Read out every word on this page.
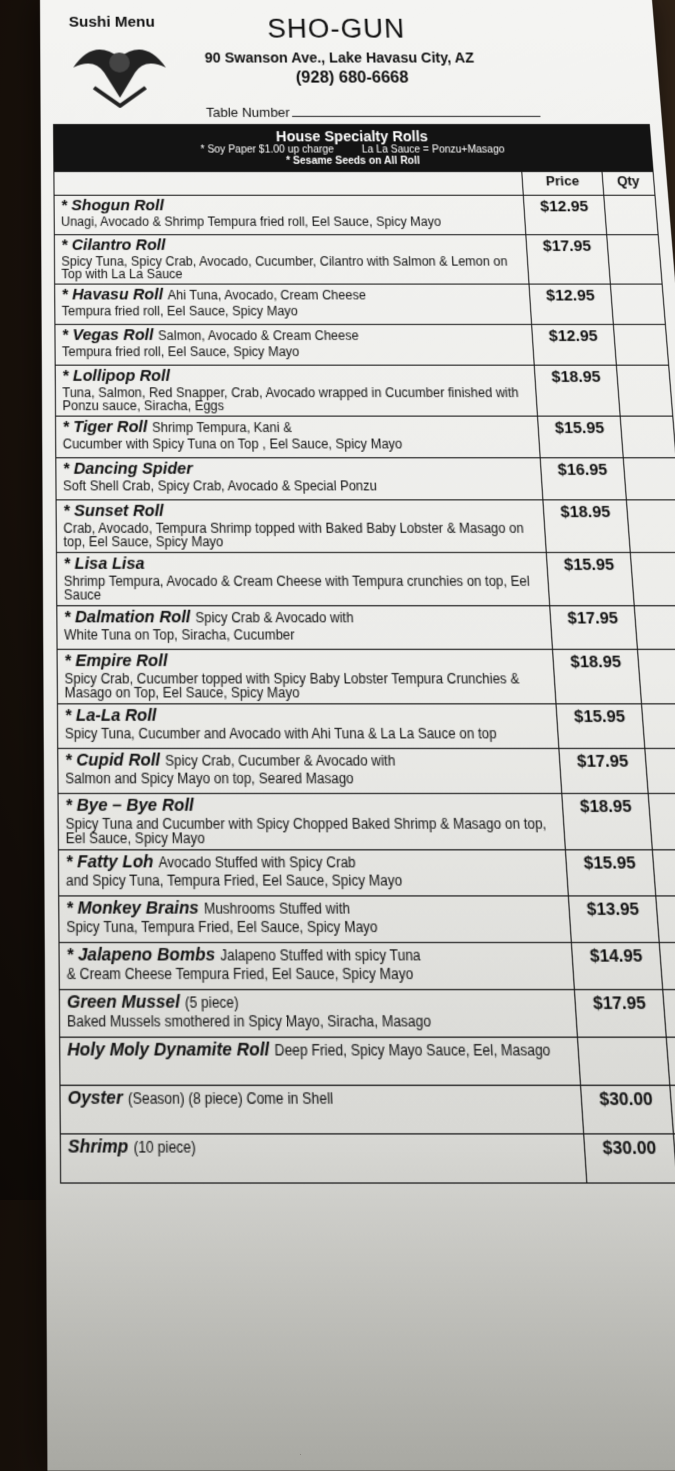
Sushi Menu	SHO-GUN
90 Swanson Ave., Lake Havasu City, AZ
(928) 680-6668
Table Number
House Specialty Rolls
* Soy Paper $1.00 up charge	La La Sauce = Ponzu+Masago
* Sesame Seeds on All Roll
	Price	Qty
* Shogun Roll
Unagi, Avocado & Shrimp Tempura fried roll, Eel Sauce, Spicy Mayo	$12.95	
* Cilantro Roll
Spicy Tuna, Spicy Crab, Avocado, Cucumber, Cilantro with Salmon & Lemon on Top with La La Sauce	$17.95	
* Havasu Roll Ahi Tuna, Avocado, Cream Cheese
Tempura fried roll, Eel Sauce, Spicy Mayo	$12.95	
* Vegas Roll Salmon, Avocado & Cream Cheese
Tempura fried roll, Eel Sauce, Spicy Mayo	$12.95	
* Lollipop Roll
Tuna, Salmon, Red Snapper, Crab, Avocado wrapped in Cucumber finished with Ponzu sauce, Siracha, Eggs	$18.95	
* Tiger Roll Shrimp Tempura, Kani &
Cucumber with Spicy Tuna on Top , Eel Sauce, Spicy Mayo	$15.95	
* Dancing Spider
Soft Shell Crab, Spicy Crab, Avocado & Special Ponzu	$16.95	
* Sunset Roll
Crab, Avocado, Tempura Shrimp topped with Baked Baby Lobster & Masago on top, Eel Sauce, Spicy Mayo	$18.95	
* Lisa Lisa
Shrimp Tempura, Avocado & Cream Cheese with Tempura crunchies on top, Eel Sauce	$15.95	
* Dalmation Roll Spicy Crab & Avocado with
White Tuna on Top, Siracha, Cucumber	$17.95	
* Empire Roll
Spicy Crab, Cucumber topped with Spicy Baby Lobster Tempura Crunchies & Masago on Top, Eel Sauce, Spicy Mayo	$18.95	
* La-La Roll
Spicy Tuna, Cucumber and Avocado with Ahi Tuna & La La Sauce on top	$15.95	
* Cupid Roll Spicy Crab, Cucumber & Avocado with
Salmon and Spicy Mayo on top, Seared Masago	$17.95	
* Bye – Bye Roll
Spicy Tuna and Cucumber with Spicy Chopped Baked Shrimp & Masago on top, Eel Sauce, Spicy Mayo	$18.95	
* Fatty Loh Avocado Stuffed with Spicy Crab
and Spicy Tuna, Tempura Fried, Eel Sauce, Spicy Mayo	$15.95	
* Monkey Brains Mushrooms Stuffed with
Spicy Tuna, Tempura Fried, Eel Sauce, Spicy Mayo	$13.95	
* Jalapeno Bombs Jalapeno Stuffed with spicy Tuna
& Cream Cheese Tempura Fried, Eel Sauce, Spicy Mayo	$14.95	
Green Mussel (5 piece)
Baked Mussels smothered in Spicy Mayo, Siracha, Masago	$17.95	
Holy Moly Dynamite Roll Deep Fried, Spicy Mayo Sauce, Eel, Masago

Oyster (Season) (8 piece) Come in Shell	$30.00	
Shrimp (10 piece)	$30.00	
